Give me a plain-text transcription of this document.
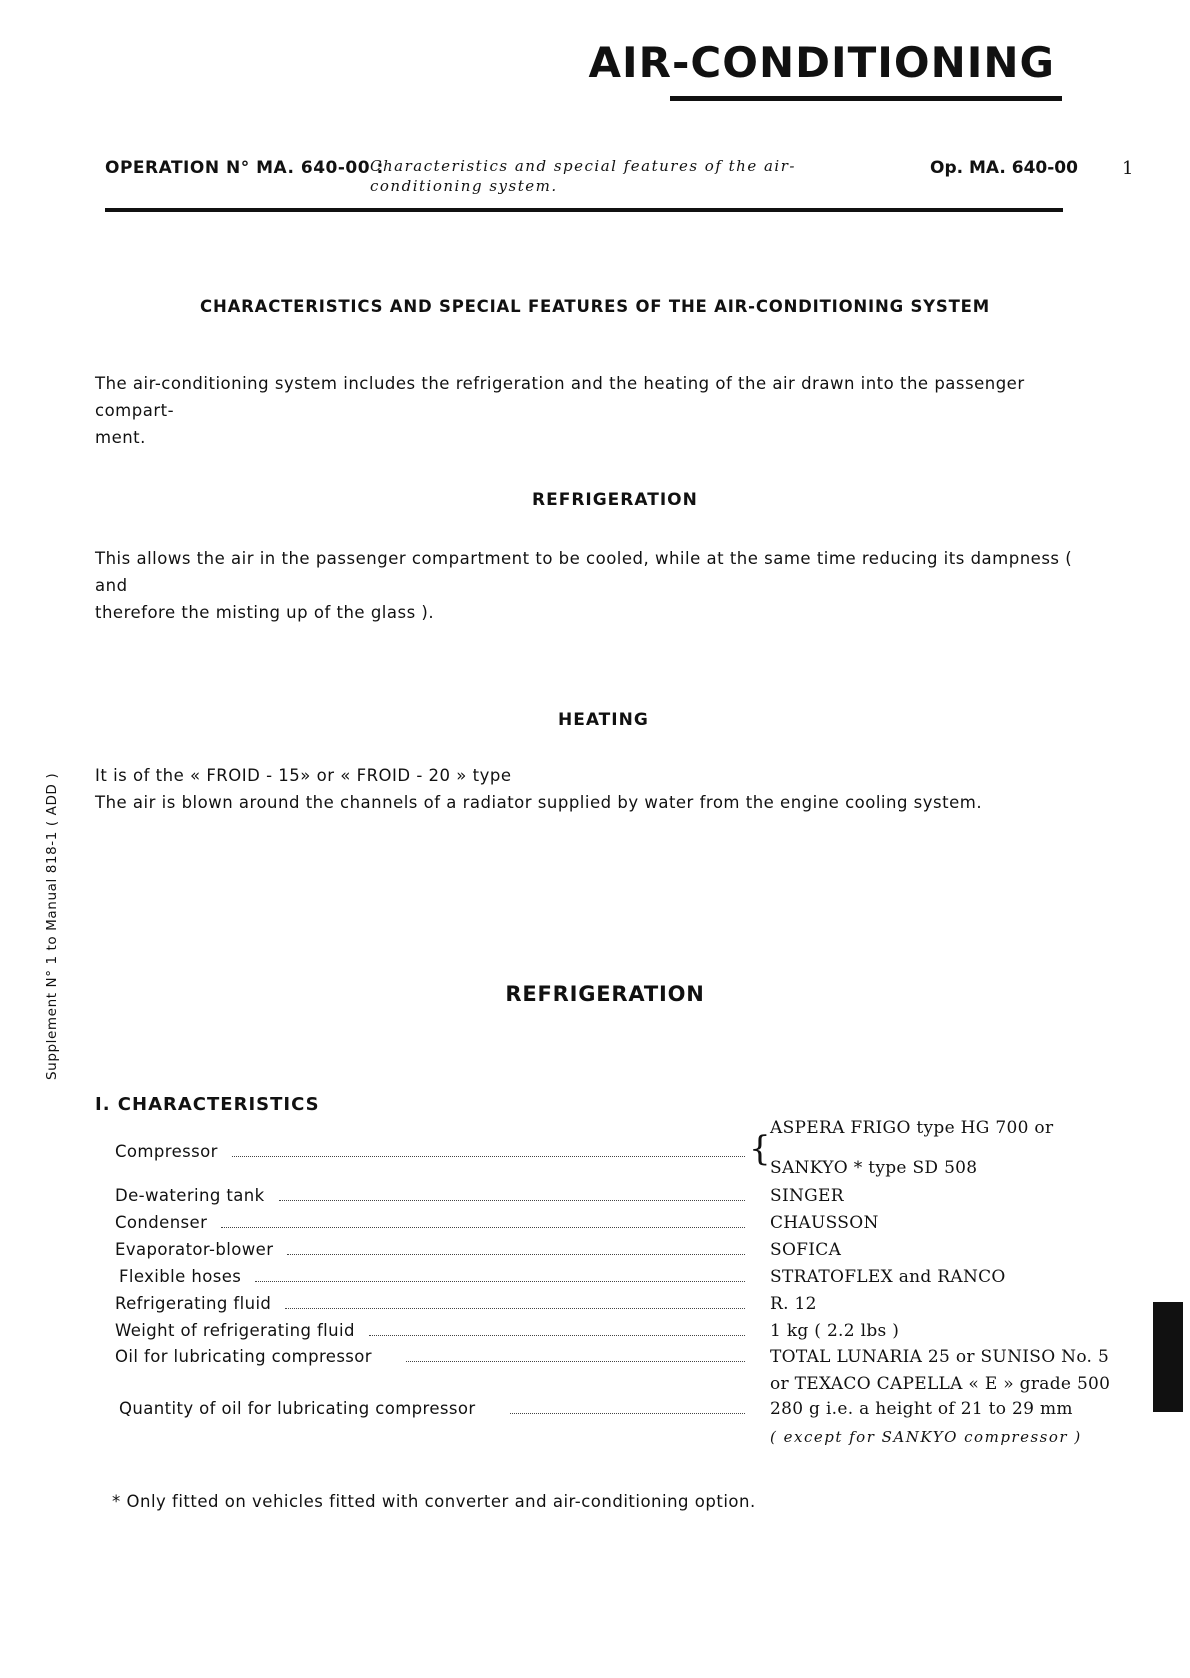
AIR-CONDITIONING
OPERATION N° MA. 640-00 :
Characteristics and special features of the air-
conditioning system.
Op. MA. 640-00 1
CHARACTERISTICS AND SPECIAL FEATURES OF THE AIR-CONDITIONING SYSTEM
The air-conditioning system includes the refrigeration and the heating of the air drawn into the passenger compart-
ment.
REFRIGERATION
This allows the air in the passenger compartment to be cooled, while at the same time reducing its dampness ( and
therefore the misting up of the glass ).
HEATING
It is of the « FROID - 15» or « FROID - 20 » type
The air is blown around the channels of a radiator supplied by water from the engine cooling system.
REFRIGERATION
Supplement N° 1 to Manual 818-1 ( ADD )
I. CHARACTERISTICS
Compressor	{
ASPERA FRIGO type HG 700 or
SANKYO * type SD 508
De-watering tank	SINGER
Condenser	CHAUSSON
Evaporator-blower	SOFICA
Flexible hoses	STRATOFLEX and RANCO
Refrigerating fluid	R. 12
Weight of refrigerating fluid	1 kg ( 2.2 lbs )
Oil for lubricating compressor	TOTAL LUNARIA 25 or SUNISO No. 5
or TEXACO CAPELLA « E » grade 500
Quantity of oil for lubricating compressor	280 g i.e. a height of 21 to 29 mm
( except for SANKYO compressor )
* Only fitted on vehicles fitted with converter and air-conditioning option.
